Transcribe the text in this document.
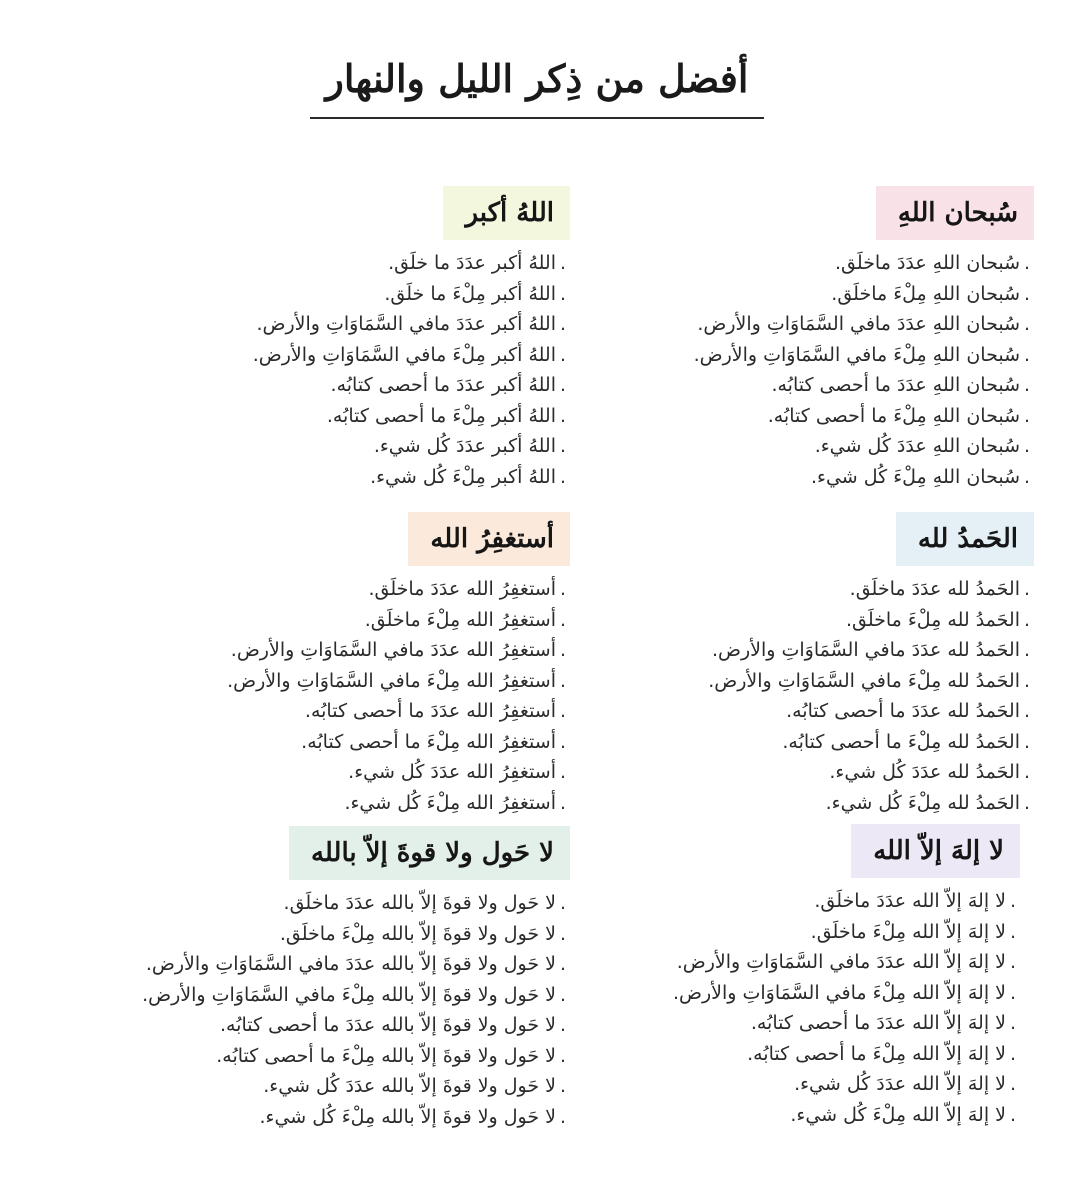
أفضل من ذِكر الليل والنهار
سُبحان اللهِ
.سُبحان اللهِ عدَدَ ماخلَق.
.سُبحان اللهِ مِلْءَ ماخلَق.
.سُبحان اللهِ عدَدَ مافي السَّمَاوَاتِ والأرض.
.سُبحان اللهِ مِلْءَ مافي السَّمَاوَاتِ والأرض.
.سُبحان اللهِ عدَدَ ما أحصى كتابُه.
.سُبحان اللهِ مِلْءَ ما أحصى كتابُه.
.سُبحان اللهِ عدَدَ كُل شيء.
.سُبحان اللهِ مِلْءَ كُل شيء.
اللهُ أكبر
.اللهُ أكبر عدَدَ ما خلَق.
.اللهُ أكبر مِلْءَ ما خلَق.
.اللهُ أكبر عدَدَ مافي السَّمَاوَاتِ والأرض.
.اللهُ أكبر مِلْءَ مافي السَّمَاوَاتِ والأرض.
.اللهُ أكبر عدَدَ ما أحصى كتابُه.
.اللهُ أكبر مِلْءَ ما أحصى كتابُه.
.اللهُ أكبر عدَدَ كُل شيء.
.اللهُ أكبر مِلْءَ كُل شيء.
الحَمدُ لله
.الحَمدُ لله عدَدَ ماخلَق.
.الحَمدُ لله مِلْءَ ماخلَق.
.الحَمدُ لله عدَدَ مافي السَّمَاوَاتِ والأرض.
.الحَمدُ لله مِلْءَ مافي السَّمَاوَاتِ والأرض.
.الحَمدُ لله عدَدَ ما أحصى كتابُه.
.الحَمدُ لله مِلْءَ ما أحصى كتابُه.
.الحَمدُ لله عدَدَ كُل شيء.
.الحَمدُ لله مِلْءَ كُل شيء.
أستغفِرُ الله
.أستغفِرُ الله عدَدَ ماخلَق.
.أستغفِرُ الله مِلْءَ ماخلَق.
.أستغفِرُ الله عدَدَ مافي السَّمَاوَاتِ والأرض.
.أستغفِرُ الله مِلْءَ مافي السَّمَاوَاتِ والأرض.
.أستغفِرُ الله عدَدَ ما أحصى كتابُه.
.أستغفِرُ الله مِلْءَ ما أحصى كتابُه.
.أستغفِرُ الله عدَدَ كُل شيء.
.أستغفِرُ الله مِلْءَ كُل شيء.
لا إلهَ إلاّ الله
.لا إلهَ إلاّ الله عدَدَ ماخلَق.
.لا إلهَ إلاّ الله مِلْءَ ماخلَق.
.لا إلهَ إلاّ الله عدَدَ مافي السَّمَاوَاتِ والأرض.
.لا إلهَ إلاّ الله مِلْءَ مافي السَّمَاوَاتِ والأرض.
.لا إلهَ إلاّ الله عدَدَ ما أحصى كتابُه.
.لا إلهَ إلاّ الله مِلْءَ ما أحصى كتابُه.
.لا إلهَ إلاّ الله عدَدَ كُل شيء.
.لا إلهَ إلاّ الله مِلْءَ كُل شيء.
لا حَول ولا قوةَ إلاّ بالله
.لا حَول ولا قوةَ إلاّ بالله عدَدَ ماخلَق.
.لا حَول ولا قوةَ إلاّ بالله مِلْءَ ماخلَق.
.لا حَول ولا قوةَ إلاّ بالله عدَدَ مافي السَّمَاوَاتِ والأرض.
.لا حَول ولا قوةَ إلاّ بالله مِلْءَ مافي السَّمَاوَاتِ والأرض.
.لا حَول ولا قوةَ إلاّ بالله عدَدَ ما أحصى كتابُه.
.لا حَول ولا قوةَ إلاّ بالله مِلْءَ ما أحصى كتابُه.
.لا حَول ولا قوةَ إلاّ بالله عدَدَ كُل شيء.
.لا حَول ولا قوةَ إلاّ بالله مِلْءَ كُل شيء.
